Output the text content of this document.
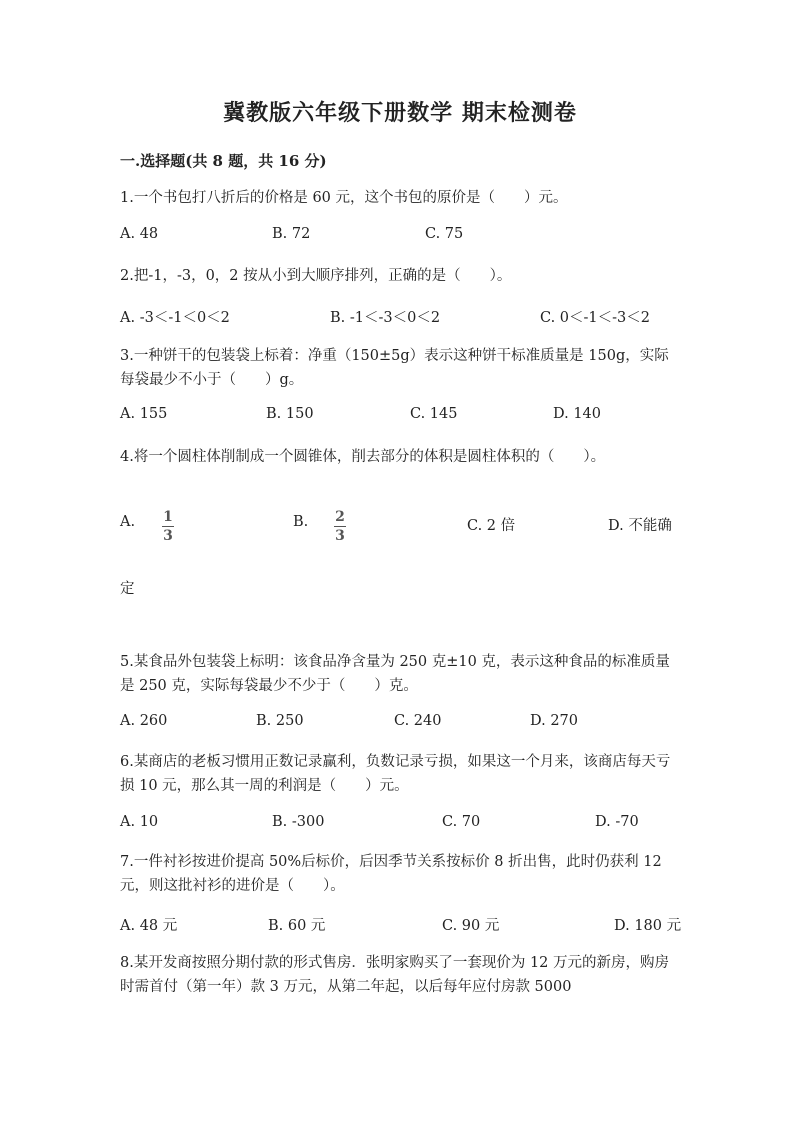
冀教版六年级下册数学 期末检测卷
一.选择题(共 8 题，共 16 分)
1.一个书包打八折后的价格是 60 元，这个书包的原价是（　　）元。
A. 48	B. 72	C. 75
2.把-1，-3，0，2 按从小到大顺序排列，正确的是（　　）。
A. -3＜-1＜0＜2	B. -1＜-3＜0＜2	C. 0＜-1＜-3＜2
3.一种饼干的包装袋上标着：净重（150±5g）表示这种饼干标准质量是 150g，实际每袋最少不小于（　　）g。
A. 155	B. 150	C. 145	D. 140
4.将一个圆柱体削制成一个圆锥体，削去部分的体积是圆柱体积的（　　）。
A. 1
3
B. 2
3
C. 2 倍	D. 不能确
定
5.某食品外包装袋上标明：该食品净含量为 250 克±10 克，表示这种食品的标准质量是 250 克，实际每袋最少不少于（　　）克。
A. 260	B. 250	C. 240	D. 270
6.某商店的老板习惯用正数记录赢利，负数记录亏损，如果这一个月来，该商店每天亏损 10 元，那么其一周的利润是（　　）元。
A. 10	B. -300	C. 70	D. -70
7.一件衬衫按进价提高 50%后标价，后因季节关系按标价 8 折出售，此时仍获利 12 元，则这批衬衫的进价是（　　）。
A. 48 元	B. 60 元	C. 90 元	D. 180 元
8.某开发商按照分期付款的形式售房．张明家购买了一套现价为 12 万元的新房，购房时需首付（第一年）款 3 万元，从第二年起，以后每年应付房款 5000
